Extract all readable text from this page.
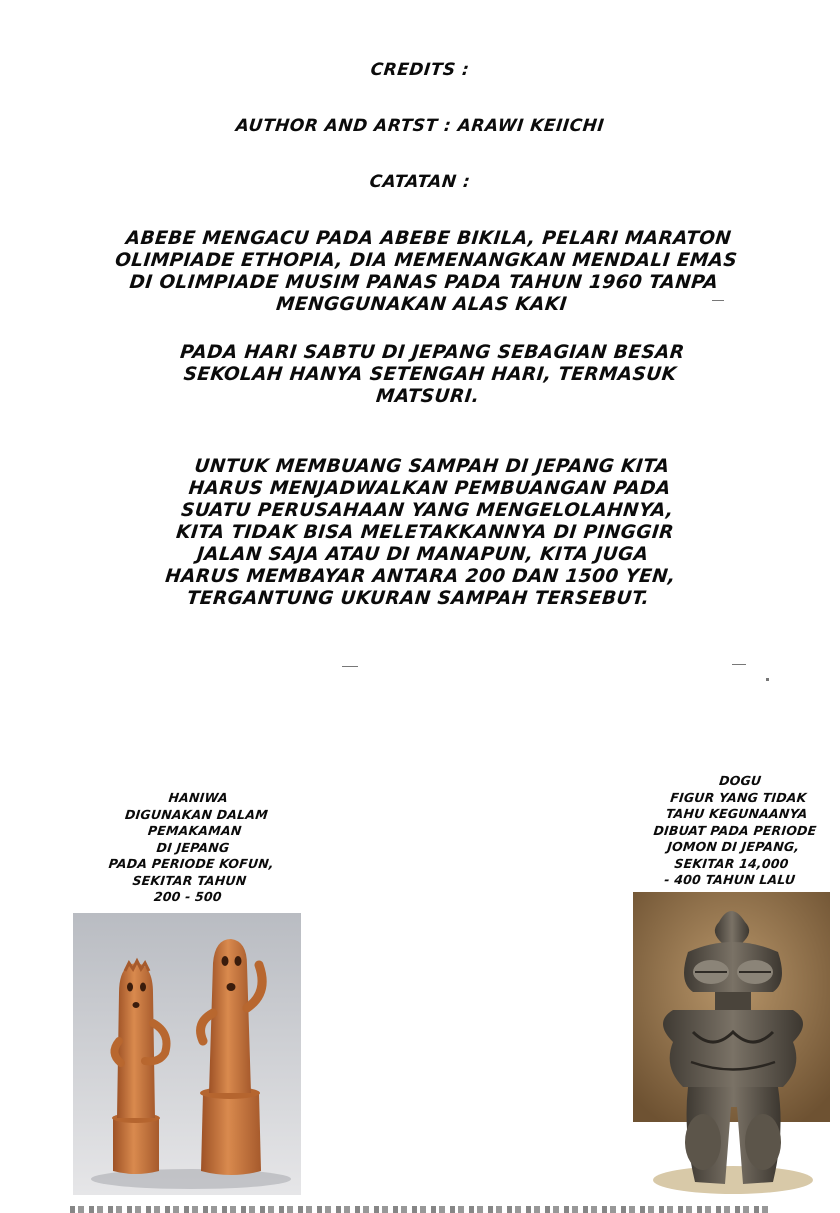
CREDITS :
AUTHOR AND ARTST : ARAWI KEIICHI
CATATAN :
ABEBE MENGACU PADA ABEBE BIKILA, PELARI MARATON
OLIMPIADE ETHOPIA, DIA MEMENANGKAN MENDALI EMAS
DI OLIMPIADE MUSIM PANAS PADA TAHUN 1960 TANPA
MENGGUNAKAN ALAS KAKI
PADA HARI SABTU DI JEPANG SEBAGIAN BESAR
SEKOLAH HANYA SETENGAH HARI, TERMASUK
MATSURI.
UNTUK MEMBUANG SAMPAH DI JEPANG KITA
HARUS MENJADWALKAN PEMBUANGAN PADA
SUATU PERUSAHAAN YANG MENGELOLAHNYA,
KITA TIDAK BISA MELETAKKANNYA DI PINGGIR
JALAN SAJA ATAU DI MANAPUN, KITA JUGA
HARUS MEMBAYAR ANTARA 200 DAN 1500 YEN,
TERGANTUNG UKURAN SAMPAH TERSEBUT.
HANIWA
DIGUNAKAN DALAM
PEMAKAMAN
DI JEPANG
PADA PERIODE KOFUN,
SEKITAR TAHUN
200 - 500
DOGU
FIGUR YANG TIDAK
TAHU KEGUNAANYA
DIBUAT PADA PERIODE
JOMON DI JEPANG,
SEKITAR 14,000
- 400 TAHUN LALU
